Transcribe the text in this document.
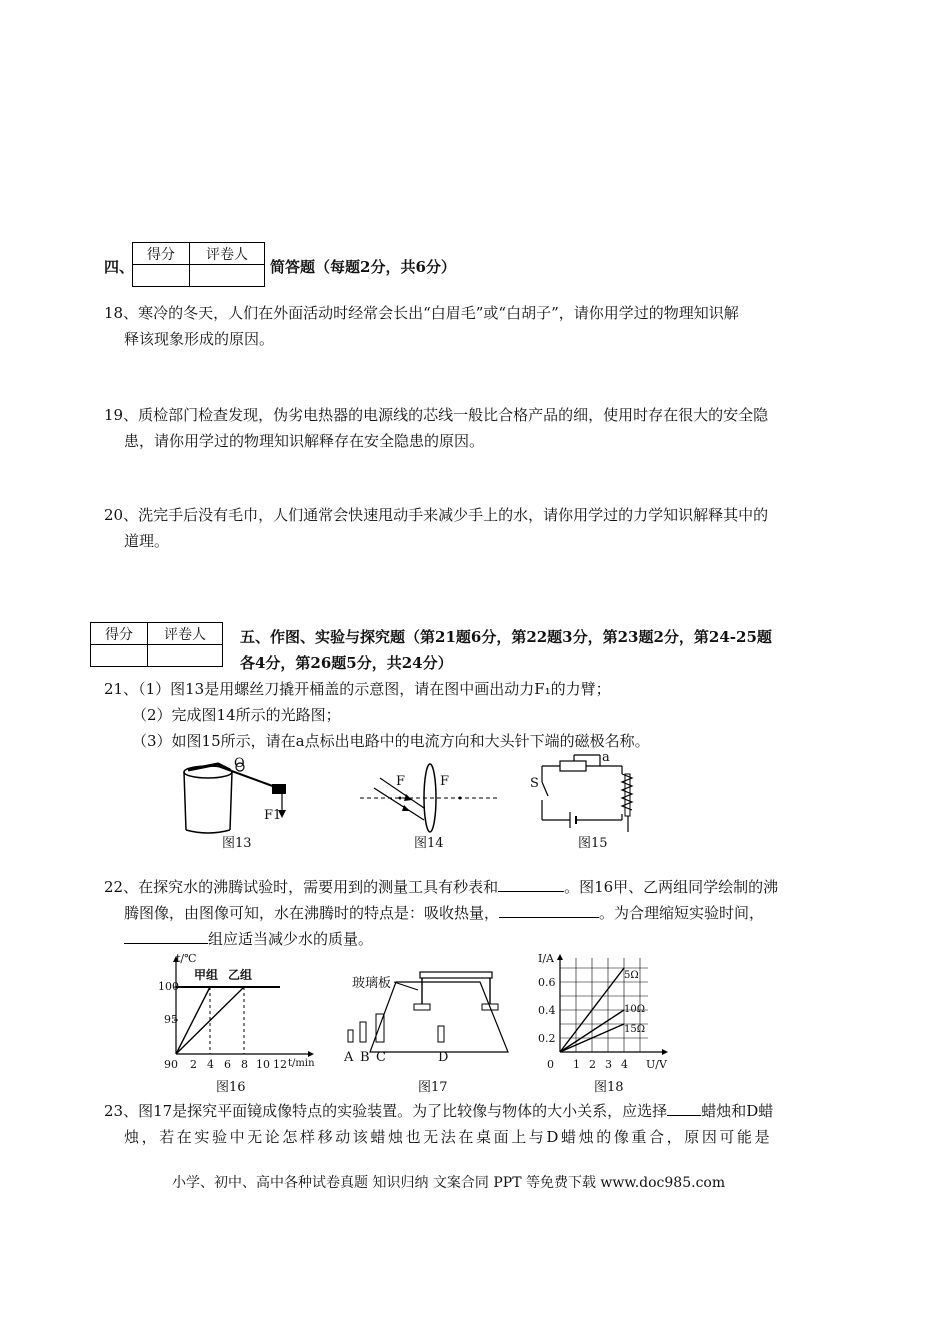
四、
得分	评卷人

简答题（每题2分，共6分）
18、寒冷的冬天，人们在外面活动时经常会长出“白眉毛”或“白胡子”，请你用学过的物理知识解
释该现象形成的原因。
19、质检部门检查发现，伪劣电热器的电源线的芯线一般比合格产品的细，使用时存在很大的安全隐
患，请你用学过的物理知识解释存在安全隐患的原因。
20、洗完手后没有毛巾，人们通常会快速甩动手来减少手上的水，请你用学过的力学知识解释其中的
道理。
得分	评卷人
	五、作图、实验与探究题（第21题6分，第22题3分，第23题2分，第24-25题
各4分，第26题5分，共24分）
21、（1）图13是用螺丝刀撬开桶盖的示意图，请在图中画出动力F₁的力臂；
（2）完成图14所示的光路图；
（3）如图15所示，请在a点标出电路中的电流方向和大头针下端的磁极名称。
O
F1
图13
F	F
图14
S
a
图15
22、在探究水的沸腾试验时，需要用到的测量工具有秒表和	。图16甲、乙两组同学绘制的沸
腾图像，由图像可知，水在沸腾时的特点是：吸收热量，	。为合理缩短实验时间，
组应适当减少水的质量。
t/℃
100
95
90 2 4 6 8 10 12 t/min
甲组 乙组
图16
玻璃板
A B C	D
图17
I/A
0.6
0.4
0.2
0 1 2 3 4 U/V
5Ω
10Ω
15Ω
图18
23、图17是探究平面镜成像特点的实验装置。为了比较像与物体的大小关系，应选择 蜡烛和D蜡
烛，若在实验中无论怎样移动该蜡烛也无法在桌面上与D蜡烛的像重合，原因可能是
小学、初中、高中各种试卷真题 知识归纳 文案合同 PPT 等免费下载 www.doc985.com
